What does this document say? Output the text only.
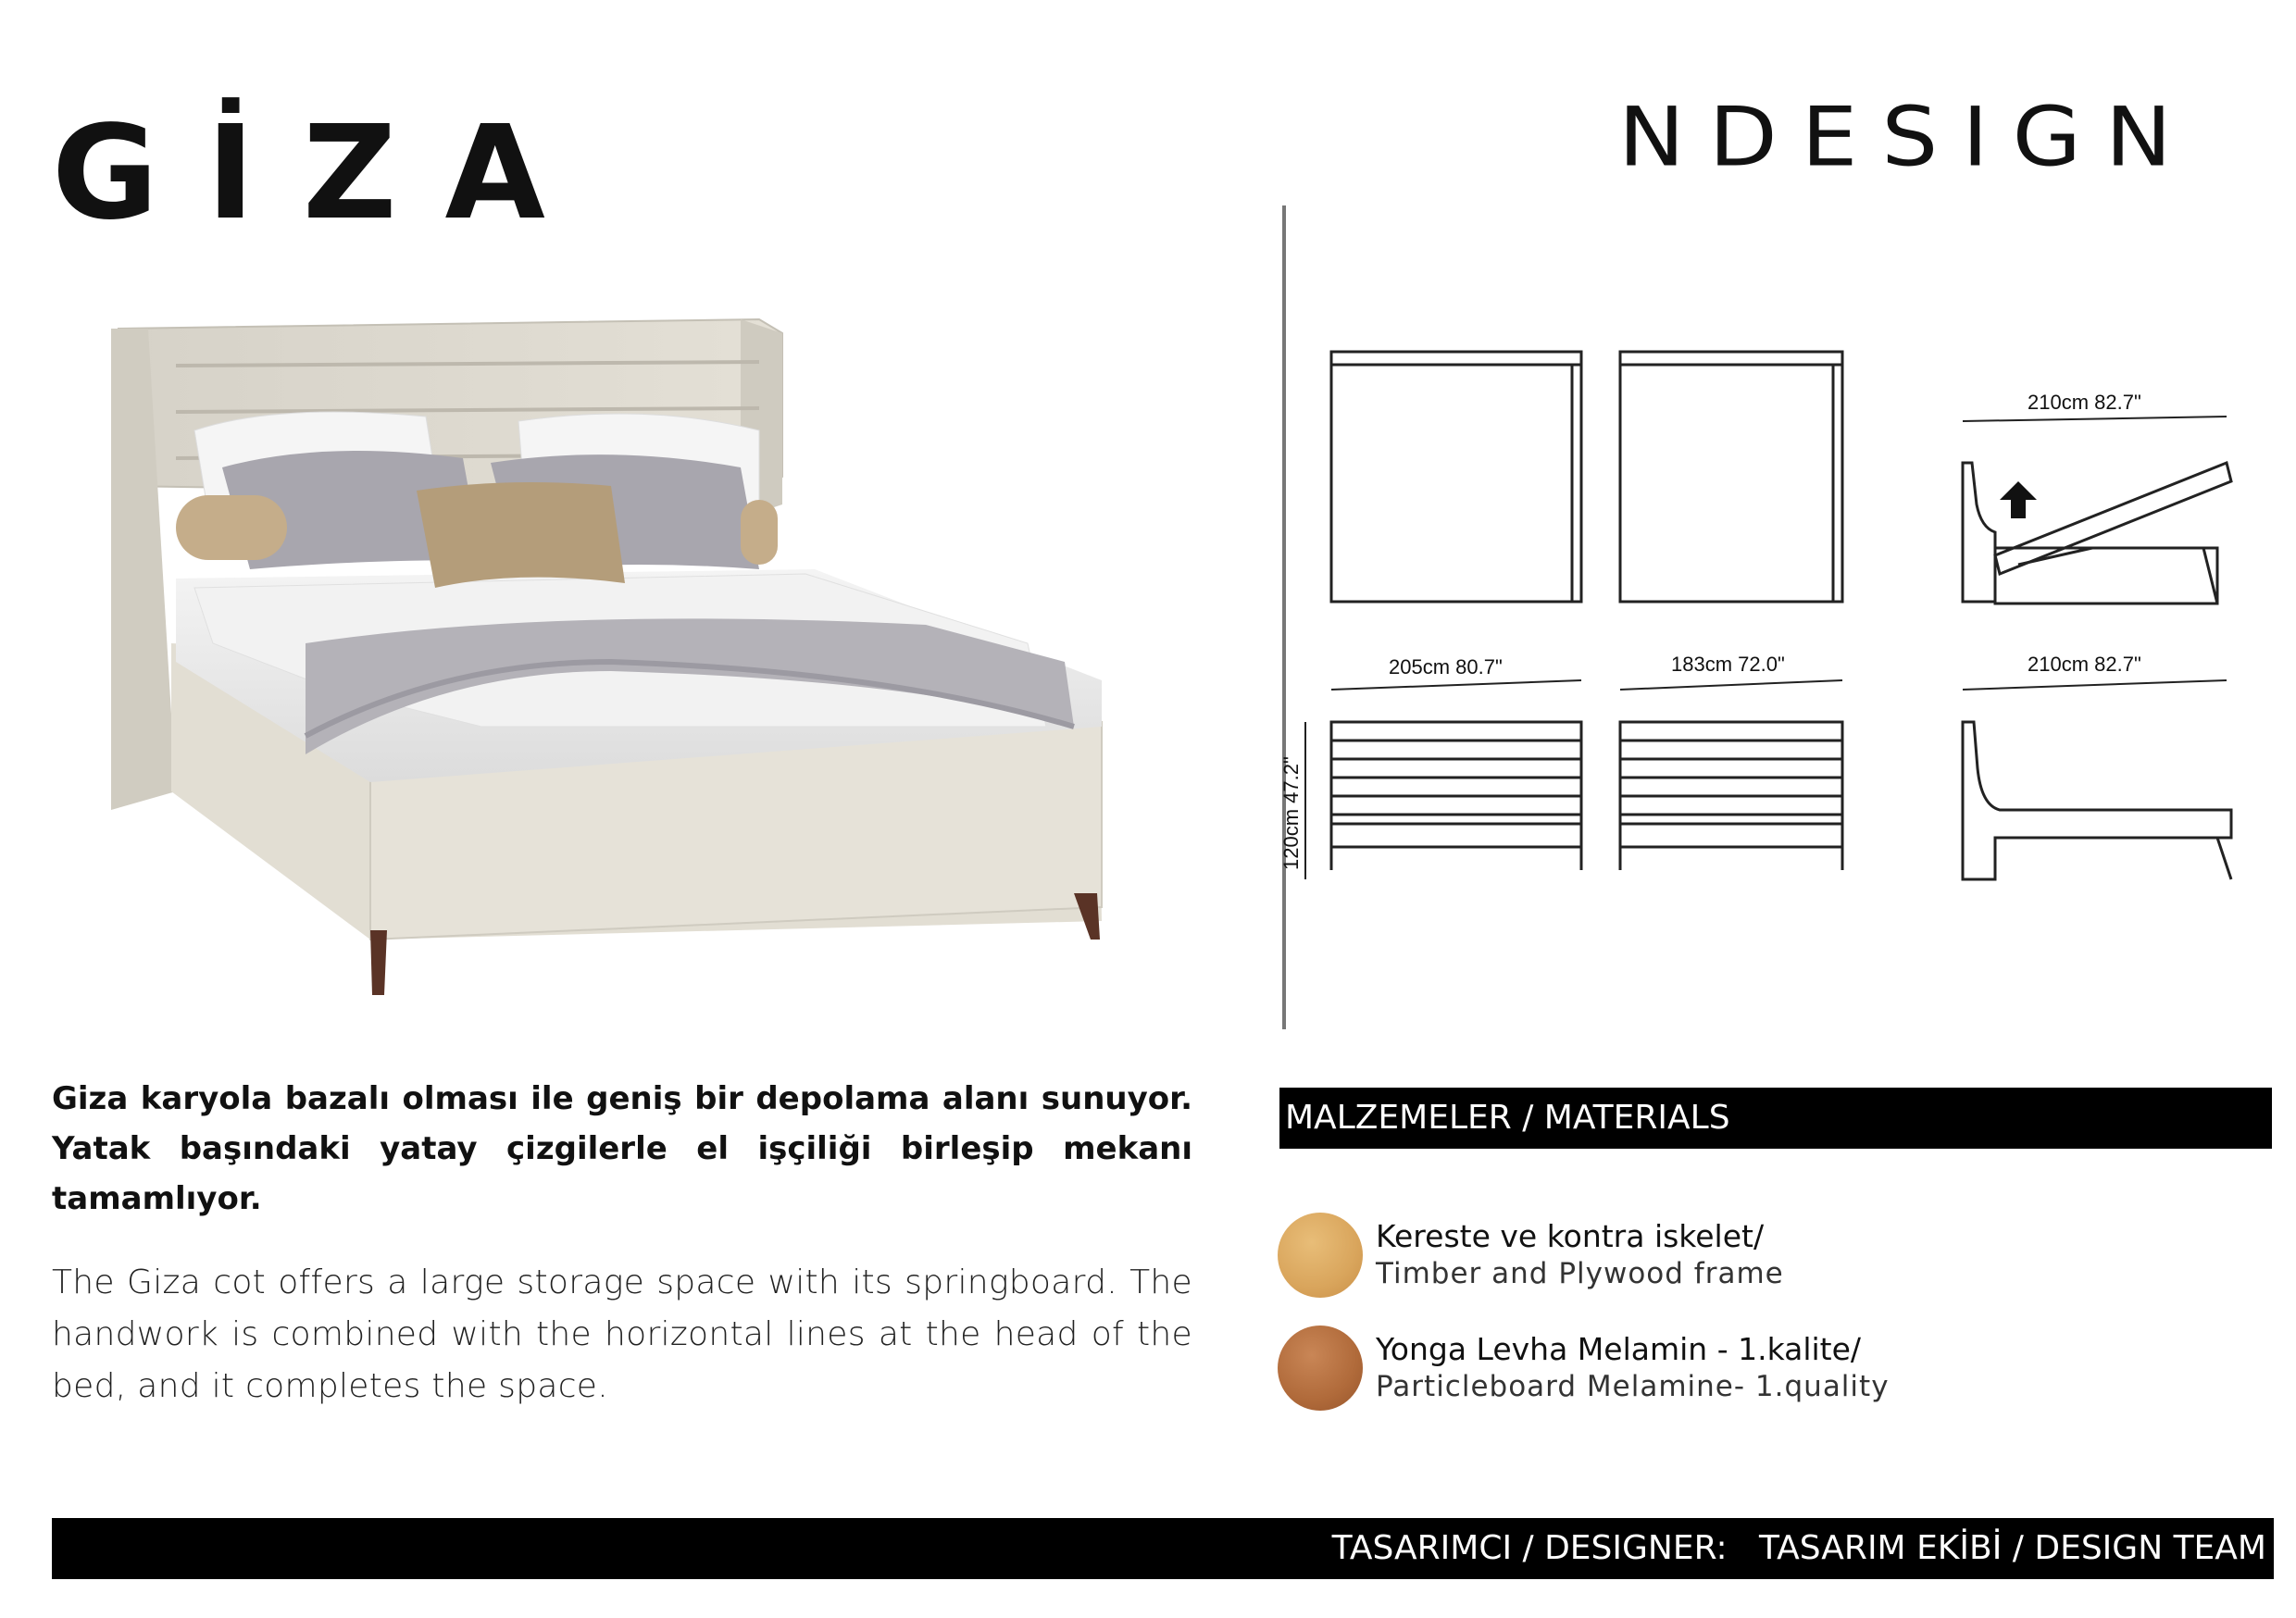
GİZA	NDESIGN
210cm 82.7"
205cm 80.7"	183cm 72.0"	210cm 82.7"
120cm 47.2"

Giza karyola bazalı olması ile geniş bir depolama alanı sunuyor. Yatak başındaki yatay çizgilerle el işçiliği birleşip mekanı tamamlıyor.

The Giza cot offers a large storage space with its springboard. The handwork is combined with the horizontal lines at the head of the bed, and it completes the space.

MALZEMELER / MATERIALS
Kereste ve kontra iskelet/
Timber and Plywood frame
Yonga Levha Melamin - 1.kalite/
Particleboard Melamine- 1.quality
TASARIMCI / DESIGNER:   TASARIM EKİBİ / DESIGN TEAM
